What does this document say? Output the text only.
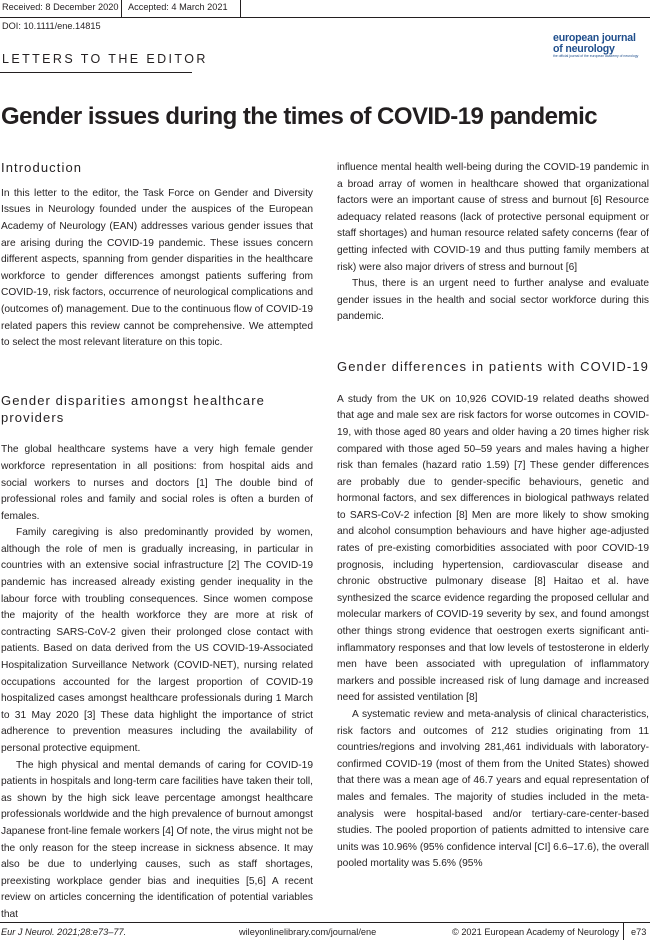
Received: 8 December 2020 Accepted: 4 March 2021
DOI: 10.1111/ene.14815
LETTERS TO THE EDITOR
european journal
of neurology
the official journal of the european academy of neurology
Gender issues during the times of COVID-19 pandemic
Introduction

In this letter to the editor, the Task Force on Gender and Diversity Issues in Neurology founded under the auspices of the European Academy of Neurology (EAN) addresses various gender issues that are arising during the COVID-19 pandemic. These issues concern different aspects, spanning from gender disparities in the healthcare workforce to gender differences amongst patients suffering from COVID-19, risk factors, occurrence of neurological complications and (outcomes of) management. Due to the continuous flow of COVID-19 related papers this review cannot be comprehensive. We attempted to select the most relevant literature on this topic.

Gender disparities amongst healthcare providers

The global healthcare systems have a very high female gender workforce representation in all positions: from hospital aids and social workers to nurses and doctors [1] The double bind of professional roles and family and social roles is often a burden of females.

Family caregiving is also predominantly provided by women, although the role of men is gradually increasing, in particular in countries with an extensive social infrastructure [2] The COVID-19 pandemic has increased already existing gender inequality in the labour force with troubling consequences. Since women compose the majority of the health workforce they are more at risk of contracting SARS-CoV-2 given their prolonged close contact with patients. Based on data derived from the US COVID-19-Associated Hospitalization Surveillance Network (COVID-NET), nursing related occupations accounted for the largest proportion of COVID-19 hospitalized cases amongst healthcare professionals during 1 March to 31 May 2020 [3] These data highlight the importance of strict adherence to prevention measures including the availability of personal protective equipment.

The high physical and mental demands of caring for COVID-19 patients in hospitals and long-term care facilities have taken their toll, as shown by the high sick leave percentage amongst healthcare professionals worldwide and the high prevalence of burnout amongst Japanese front-line female workers [4] Of note, the virus might not be the only reason for the steep increase in sickness absence. It may also be due to underlying causes, such as staff shortages, preexisting workplace gender bias and inequities [5,6] A recent review on articles concerning the identification of potential variables that

influence mental health well-being during the COVID-19 pandemic in a broad array of women in healthcare showed that organizational factors were an important cause of stress and burnout [6] Resource adequacy related reasons (lack of protective personal equipment or staff shortages) and human resource related safety concerns (fear of getting infected with COVID-19 and thus putting family members at risk) were also major drivers of stress and burnout [6]

Thus, there is an urgent need to further analyse and evaluate gender issues in the health and social sector workforce during this pandemic.

Gender differences in patients with COVID-19

A study from the UK on 10,926 COVID-19 related deaths showed that age and male sex are risk factors for worse outcomes in COVID-19, with those aged 80 years and older having a 20 times higher risk compared with those aged 50–59 years and males having a higher risk than females (hazard ratio 1.59) [7] These gender differences are probably due to gender-specific behaviours, genetic and hormonal factors, and sex differences in biological pathways related to SARS-CoV-2 infection [8] Men are more likely to show smoking and alcohol consumption behaviours and have higher age-adjusted rates of pre-existing comorbidities associated with poor COVID-19 prognosis, including hypertension, cardiovascular disease and chronic obstructive pulmonary disease [8] Haitao et al. have synthesized the scarce evidence regarding the proposed cellular and molecular markers of COVID-19 severity by sex, and found amongst other things strong evidence that oestrogen exerts significant anti-inflammatory responses and that low levels of testosterone in elderly men have been associated with upregulation of inflammatory markers and possible increased risk of lung damage and increased need for assisted ventilation [8]

A systematic review and meta-analysis of clinical characteristics, risk factors and outcomes of 212 studies originating from 11 countries/regions and involving 281,461 individuals with laboratory-confirmed COVID-19 (most of them from the United States) showed that there was a mean age of 46.7 years and equal representation of males and females. The majority of studies included in the meta-analysis were hospital-based and/or tertiary-care-center-based studies. The pooled proportion of patients admitted to intensive care units was 10.96% (95% confidence interval [CI] 6.6–17.6), the overall pooled mortality was 5.6% (95%

Eur J Neurol. 2021;28:e73–77.	wileyonlinelibrary.com/journal/ene	© 2021 European Academy of Neurology e73
